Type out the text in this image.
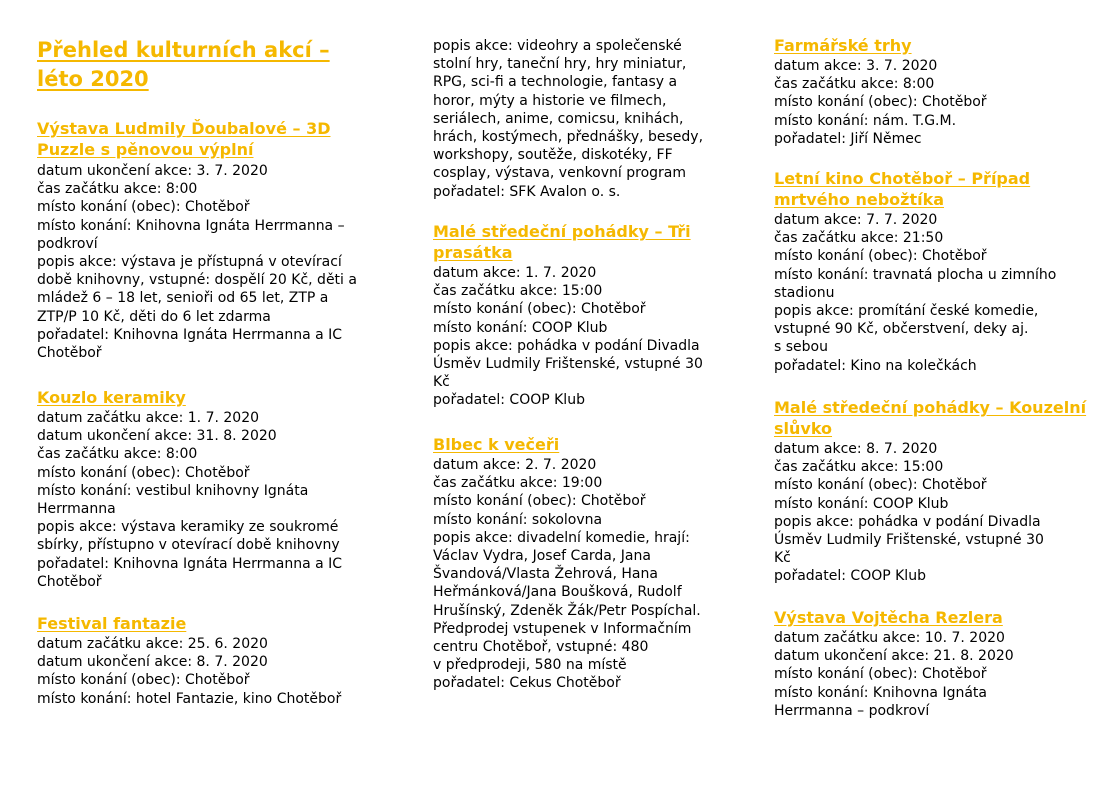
Přehled kulturních akcí –
léto 2020
Výstava Ludmily Ďoubalové – 3D Puzzle s pěnovou výplní

datum ukončení akce: 3. 7. 2020
čas začátku akce: 8:00
místo konání (obec): Chotěboř
místo konání: Knihovna Ignáta Herrmanna –
podkroví
popis akce: výstava je přístupná v otevírací
době knihovny, vstupné: dospělí 20 Kč, děti a
mládež 6 – 18 let, senioři od 65 let, ZTP a
ZTP/P 10 Kč, děti do 6 let zdarma
pořadatel: Knihovna Ignáta Herrmanna a IC
Chotěboř

Kouzlo keramiky

datum začátku akce: 1. 7. 2020
datum ukončení akce: 31. 8. 2020
čas začátku akce: 8:00
místo konání (obec): Chotěboř
místo konání: vestibul knihovny Ignáta
Herrmanna
popis akce: výstava keramiky ze soukromé
sbírky, přístupno v otevírací době knihovny
pořadatel: Knihovna Ignáta Herrmanna a IC
Chotěboř

Festival fantazie

datum začátku akce: 25. 6. 2020
datum ukončení akce: 8. 7. 2020
místo konání (obec): Chotěboř
místo konání: hotel Fantazie, kino Chotěboř

popis akce: videohry a společenské
stolní hry, taneční hry, hry miniatur,
RPG, sci-fi a technologie, fantasy a
horor, mýty a historie ve filmech,
seriálech, anime, comicsu, knihách,
hrách, kostýmech, přednášky, besedy,
workshopy, soutěže, diskotéky, FF
cosplay, výstava, venkovní program
pořadatel: SFK Avalon o. s.

Malé středeční pohádky – Tři prasátka

datum akce: 1. 7. 2020
čas začátku akce: 15:00
místo konání (obec): Chotěboř
místo konání: COOP Klub
popis akce: pohádka v podání Divadla
Úsměv Ludmily Frištenské, vstupné 30
Kč
pořadatel: COOP Klub

Blbec k večeři

datum akce: 2. 7. 2020
čas začátku akce: 19:00
místo konání (obec): Chotěboř
místo konání: sokolovna
popis akce: divadelní komedie, hrají:
Václav Vydra, Josef Carda, Jana
Švandová/Vlasta Žehrová, Hana
Heřmánková/Jana Boušková, Rudolf
Hrušínský, Zdeněk Žák/Petr Pospíchal.
Předprodej vstupenek v Informačním
centru Chotěboř, vstupné: 480
v předprodeji, 580 na místě
pořadatel: Cekus Chotěboř

Farmářské trhy

datum akce: 3. 7. 2020
čas začátku akce: 8:00
místo konání (obec): Chotěboř
místo konání: nám. T.G.M.
pořadatel: Jiří Němec

Letní kino Chotěboř – Případ mrtvého nebožtíka

datum akce: 7. 7. 2020
čas začátku akce: 21:50
místo konání (obec): Chotěboř
místo konání: travnatá plocha u zimního
stadionu
popis akce: promítání české komedie,
vstupné 90 Kč, občerstvení, deky aj.
s sebou
pořadatel: Kino na kolečkách

Malé středeční pohádky – Kouzelní slůvko

datum akce: 8. 7. 2020
čas začátku akce: 15:00
místo konání (obec): Chotěboř
místo konání: COOP Klub
popis akce: pohádka v podání Divadla
Úsměv Ludmily Frištenské, vstupné 30
Kč
pořadatel: COOP Klub

Výstava Vojtěcha Rezlera

datum začátku akce: 10. 7. 2020
datum ukončení akce: 21. 8. 2020
místo konání (obec): Chotěboř
místo konání: Knihovna Ignáta
Herrmanna – podkroví
